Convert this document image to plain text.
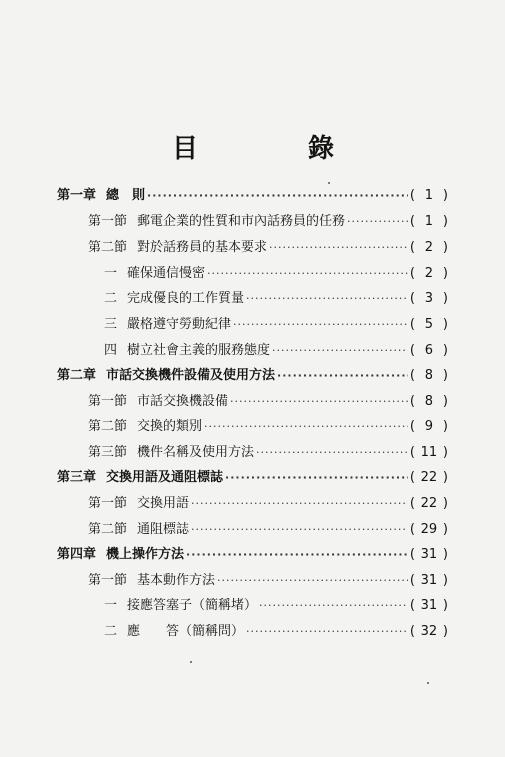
目	錄
第一章 總　則 ·····	( 1 )
第一節 郵電企業的性質和市內話務員的任務 ·····	( 1 )
第二節 對於話務員的基本要求 ·····	( 2 )
一 確保通信慢密 ·····	( 2 )
二 完成優良的工作質量 ·····	( 3 )
三 嚴格遵守勞動紀律 ·····	( 5 )
四 樹立社會主義的服務態度 ·····	( 6 )
第二章 市話交換機件設備及使用方法 ·····	( 8 )
第一節 市話交換機設備 ·····	( 8 )
第二節 交換的類別 ·····	( 9 )
第三節 機件名稱及使用方法 ·····	( 11 )
第三章 交換用語及通阻標誌 ·····	( 22 )
第一節 交換用語 ·····	( 22 )
第二節 通阻標誌 ·····	( 29 )
第四章 機上操作方法 ·····	( 31 )
第一節 基本動作方法 ·····	( 31 )
一 接應答塞子（簡稱堵） ·····	( 31 )
二 應　　答（簡稱問） ·····	( 32 )
